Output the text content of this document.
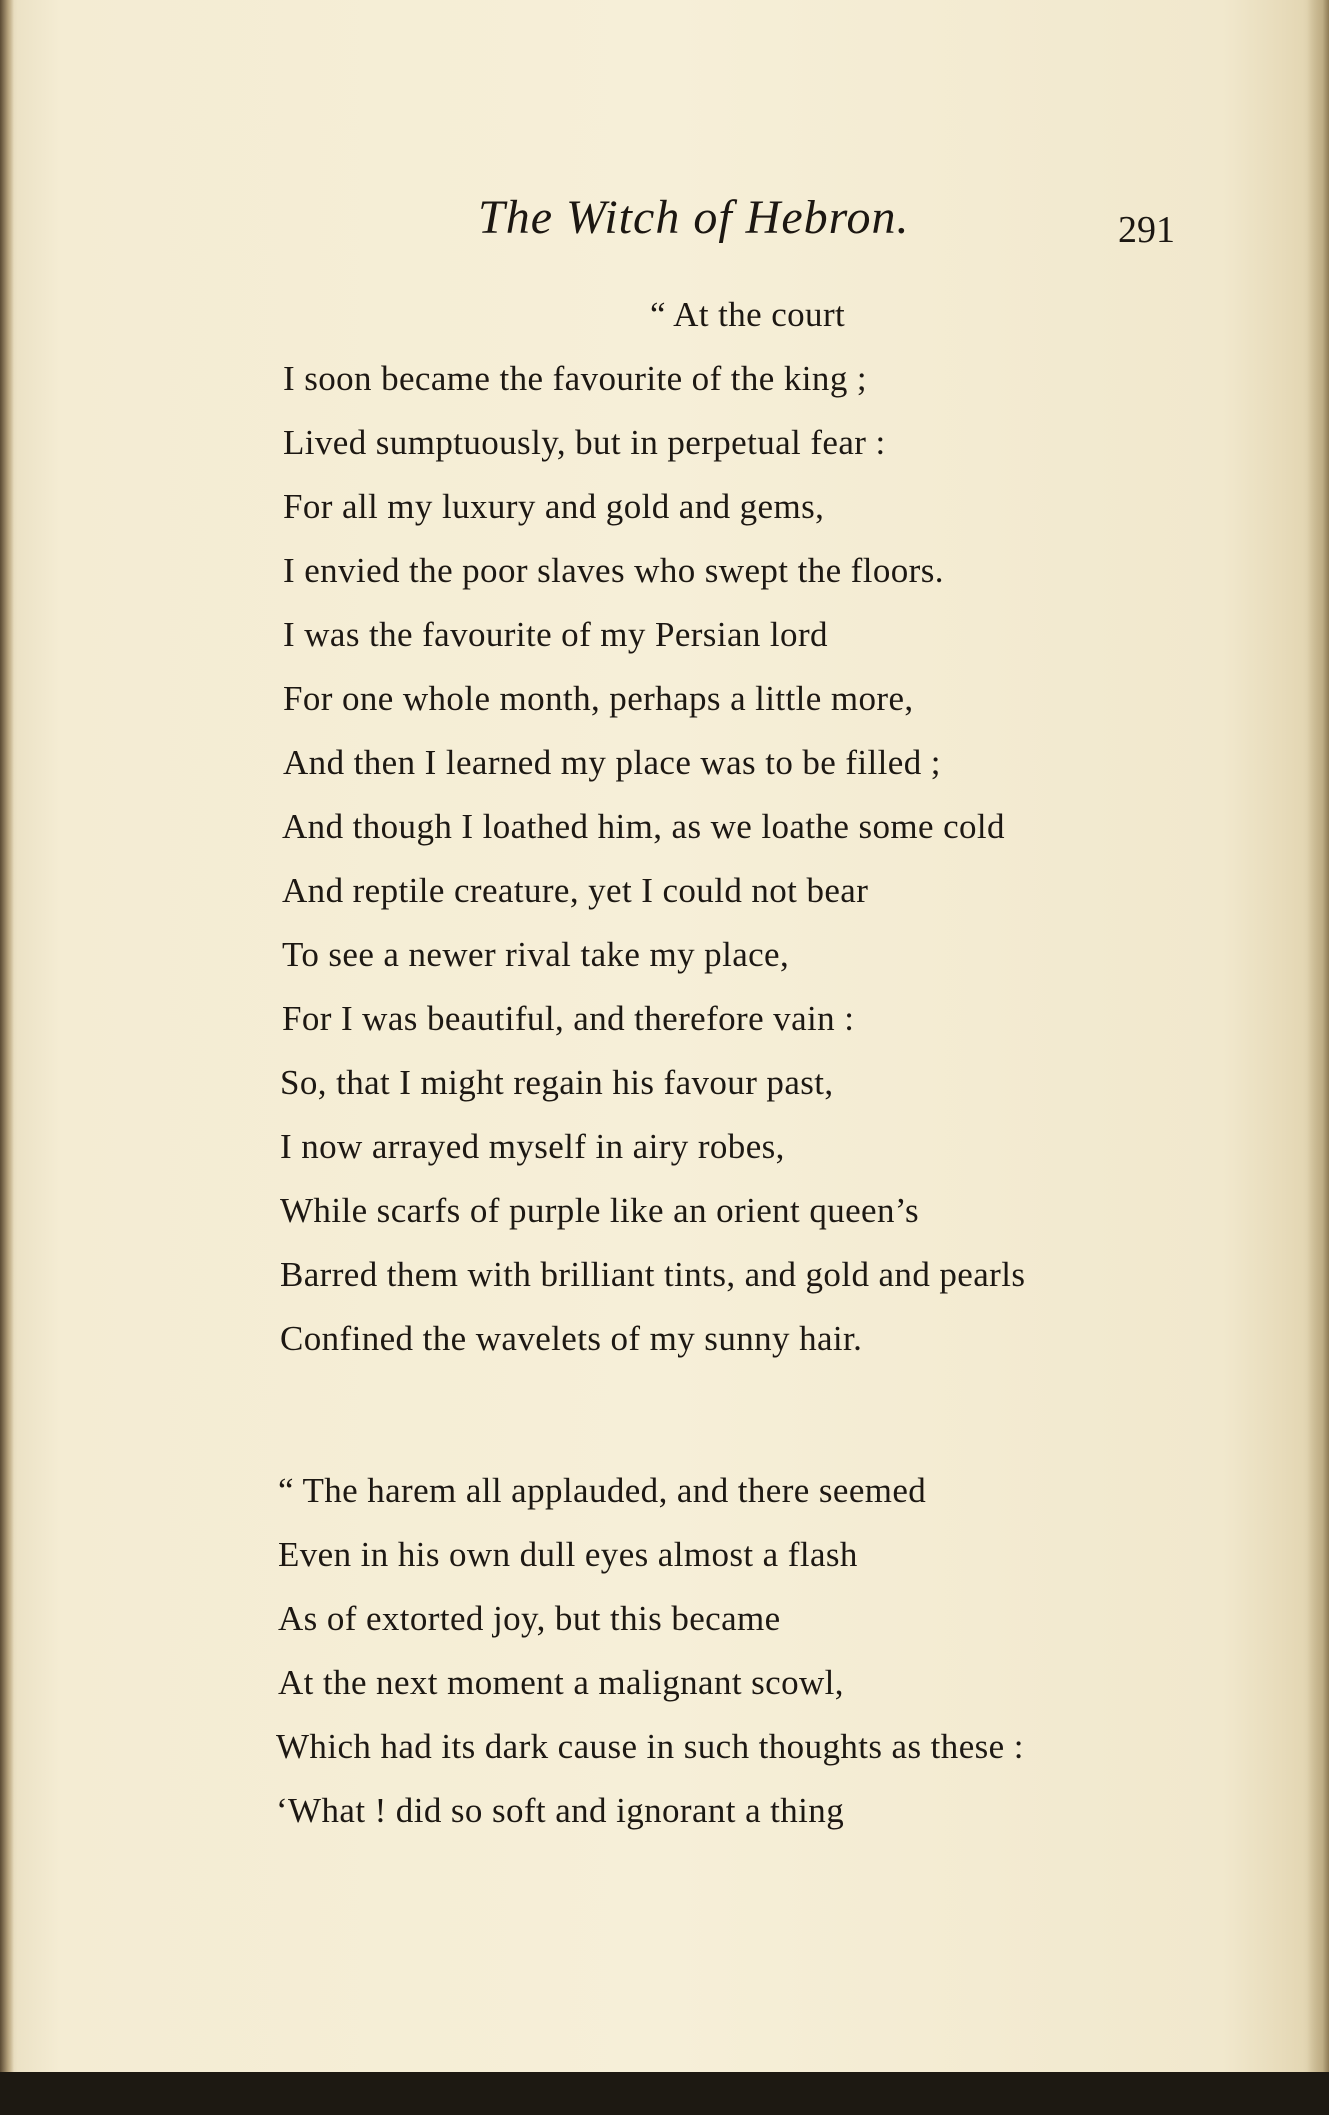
The Witch of Hebron.	291
“ At the court
I soon became the favourite of the king ;
Lived sumptuously, but in perpetual fear :
For all my luxury and gold and gems,
I envied the poor slaves who swept the floors.
I was the favourite of my Persian lord
For one whole month, perhaps a little more,
And then I learned my place was to be filled ;
And though I loathed him, as we loathe some cold
And reptile creature, yet I could not bear
To see a newer rival take my place,
For I was beautiful, and therefore vain :
So, that I might regain his favour past,
I now arrayed myself in airy robes,
While scarfs of purple like an orient queen’s
Barred them with brilliant tints, and gold and pearls
Confined the wavelets of my sunny hair.
“ The harem all applauded, and there seemed
Even in his own dull eyes almost a flash
As of extorted joy, but this became
At the next moment a malignant scowl,
Which had its dark cause in such thoughts as these :
‘What ! did so soft and ignorant a thing
